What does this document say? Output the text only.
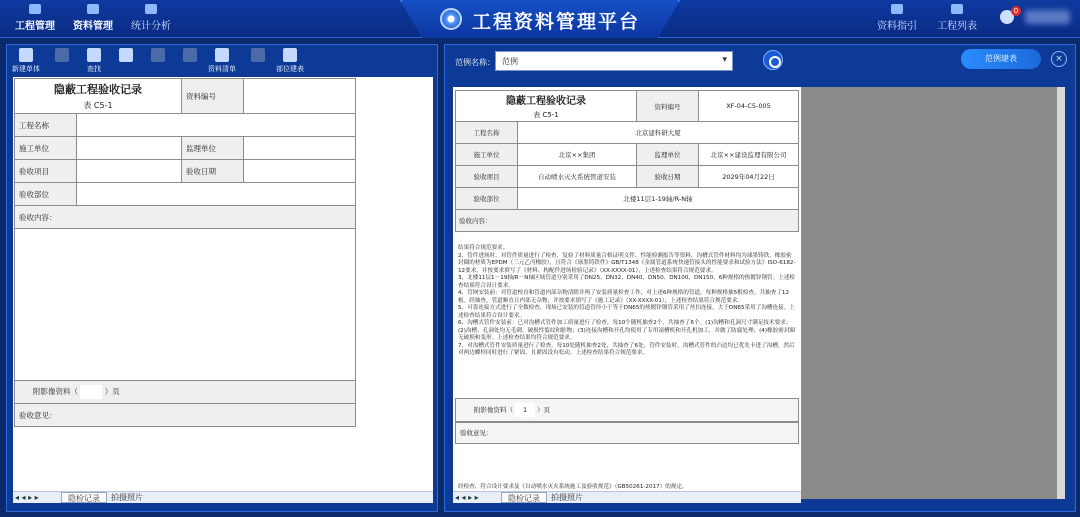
工程管理	资料管理	统计分析	工程资料管理平台	资料指引	工程列表
0
新建单体	查找	资料清单	部位建表
◂ ◂ ▸ ▸	隐检记录	拍摄照片
隐蔽工程验收记录
表 C5-1		资料编号	

工程名称			
施工单位		监理单位	
验收项目		验收日期	
验收部位			
验收内容：			

附影像资料（ ）页			
验收意见：			
范例名称： 范例	▾	范例建表	×
◂ ◂ ▸ ▸	隐检记录	拍摄照片
隐蔽工程验收记录
表 C5-1		资料编号	XF-04-C5-005

工程名称	北京建科研大厦		
施工单位	北京××集团	监理单位	北京××建设监理有限公司
验收项目	自动喷水灭火系统管道安装	验收日期	2029年04月22日
验收部位	北楼11层1-19轴/R-N轴		
验收内容：			
结果符合规范要求。
2、管件进场时，对管件质量进行了检查，复验了材料质量合格证明文件、性能检测报告等资料，沟槽式管件材料均为球墨铸铁，橡胶密封圈的材质为EPDM（三元乙丙橡胶），且符合《球墨铸铁件》GB/T1348《金属管道系统快速管接头的性能要求和试验方法》ISO-6182-12要求，并按要求填写了《材料、构配件进场检验记录》（XX-XXXX-01），上述检查结果符合规范要求。
3、北楼11层1－19轴/R－N轴区域管道分别采用了DN25、DN32、DN40、DN50、DN100、DN150、6种规格的热镀锌钢管。上述检查结果符合设计要求。
4、管网安装前：对管道校直和管道内部杂物清除并两了安装质量检查工作，对上述6种规格的管道，每种规格抽5根检查，共抽查了12根。经抽查，管道顺直且内部无杂物，并按要求填写了《施工记录》（XX-XXXX-01），上述检查结果符合规范要求。
5、可靠连接方式进行了全数检查，现场已安装的管道管径小于等于DN65的热镀锌钢管采用了丝扣连接，大于DN65采用了沟槽连接。上述检查结果符合设计要求。
6、沟槽式管件安装前：已对沟槽式管件加工质量进行了检查，每10个随机抽查2个，共抽查了6个。(1)沟槽和孔洞尺寸满足技术要求；(2)沟槽、孔洞处均无毛刺、破损性裂纹和脏物；(3)连接沟槽和开孔均使用了专用滚槽机和开孔机加工，并做了防腐处理；(4)橡胶密封圈无破损和变形。上述检查结果均符合规范要求。
7、对沟槽式管件安装质量进行了检查。每10处随机抽查2处，共抽查了6处，管件安装时，沟槽式管件的凸边均已优先卡进了沟槽，然后对两边螺栓同时进行了紧固，且紧固没有松动。上述检查结果符合规范要求。
附影像资料（ 1 ）页
验收意见：
经检查，符合设计要求及《自动喷水灭火系统施工及验收规范》（GB50261-2017）的规定。
